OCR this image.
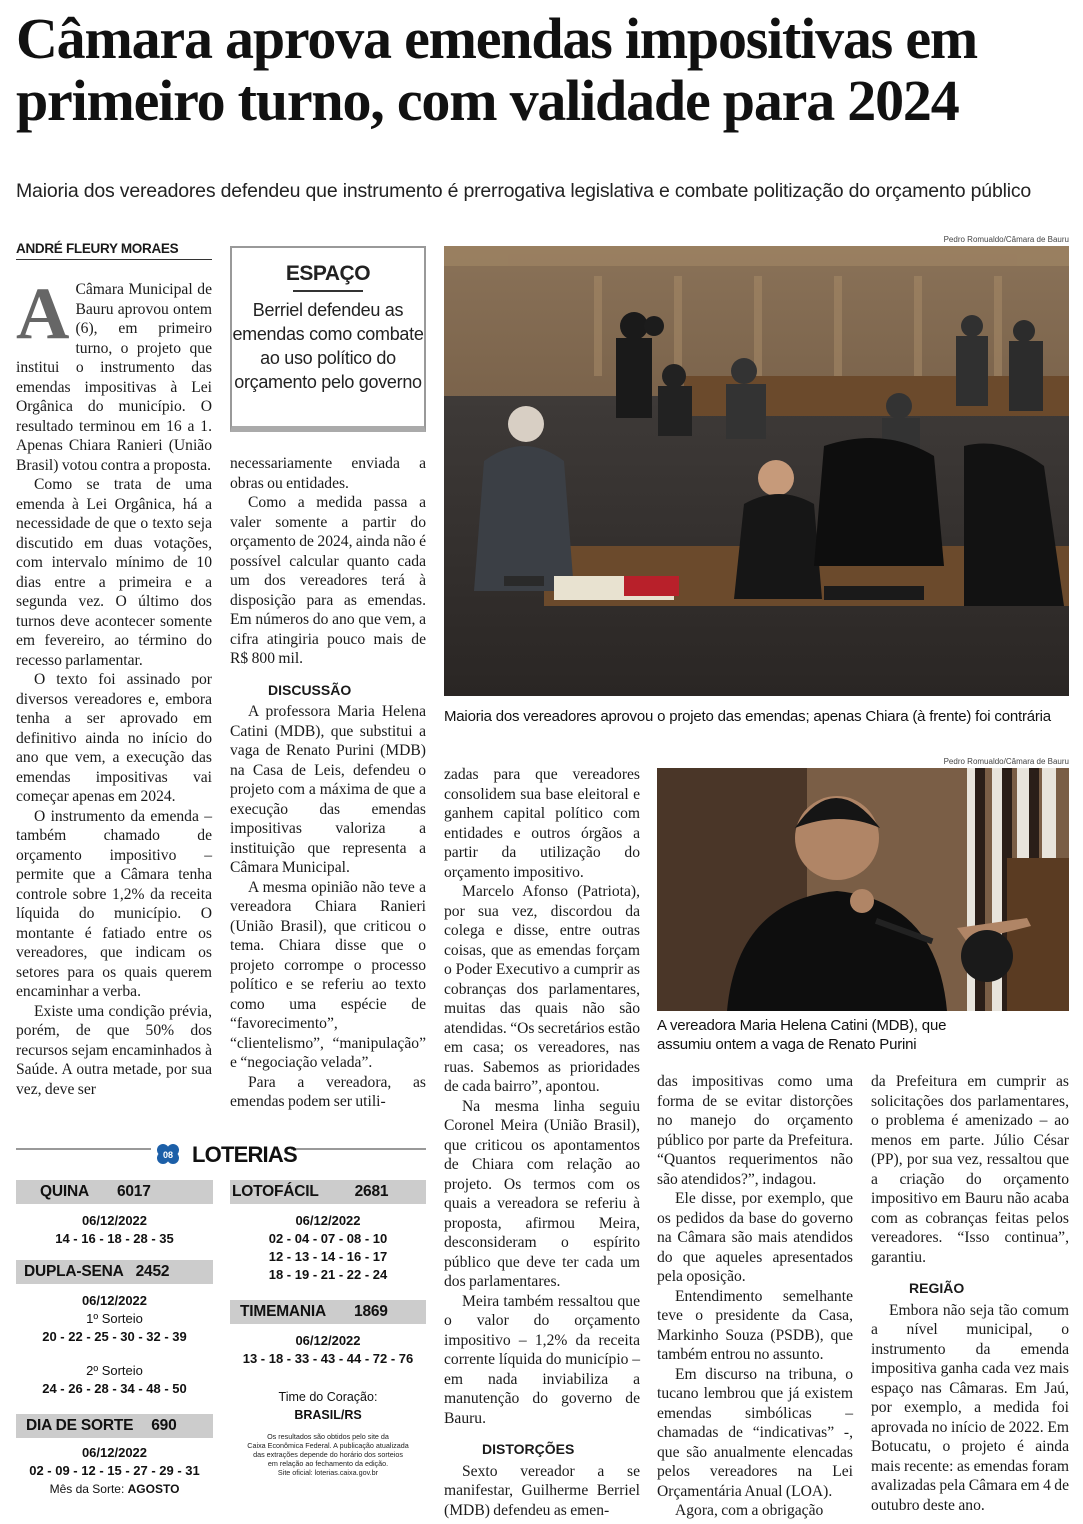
Câmara aprova emendas impositivas em primeiro turno, com validade para 2024
Maioria dos vereadores defendeu que instrumento é prerrogativa legislativa e combate politização do orçamento público
ANDRÉ FLEURY MORAES

A Câmara Municipal de Bauru aprovou ontem (6), em primeiro turno, o projeto que institui o instrumento das emendas impositivas à Lei Orgânica do município. O resultado terminou em 16 a 1. Apenas Chiara Ranieri (União Brasil) votou contra a proposta.

Como se trata de uma emenda à Lei Orgânica, há a necessidade de que o texto seja discutido em duas votações, com intervalo mínimo de 10 dias entre a primeira e a segunda vez. O último dos turnos deve acontecer somente em fevereiro, ao término do recesso parlamentar.

O texto foi assinado por diversos vereadores e, embora tenha a ser aprovado em definitivo ainda no início do ano que vem, a execução das emendas impositivas vai começar apenas em 2024.

O instrumento da emenda – também chamado de orçamento impositivo – permite que a Câmara tenha controle sobre 1,2% da receita líquida do município. O montante é fatiado entre os vereadores, que indicam os setores para os quais querem encaminhar a verba.

Existe uma condição prévia, porém, de que 50% dos recursos sejam encaminhados à Saúde. A outra metade, por sua vez, deve ser

ESPAÇO
Berriel defendeu as emendas como combate ao uso político do orçamento pelo governo

necessariamente enviada a obras ou entidades.

Como a medida passa a valer somente a partir do orçamento de 2024, ainda não é possível calcular quanto cada um dos vereadores terá à disposição para as emendas. Em números do ano que vem, a cifra atingiria pouco mais de R$ 800 mil.

DISCUSSÃO

A professora Maria Helena Catini (MDB), que substitui a vaga de Renato Purini (MDB) na Casa de Leis, defendeu o projeto com a máxima de que a execução das emendas impositivas valoriza a instituição que representa a Câmara Municipal.

A mesma opinião não teve a vereadora Chiara Ranieri (União Brasil), que criticou o tema. Chiara disse que o projeto corrompe o processo político e se referiu ao texto como uma espécie de “favorecimento”, “clientelismo”, “manipulação” e “negociação velada”.

Para a vereadora, as emendas podem ser utili-

Pedro Romualdo/Câmara de Bauru
Maioria dos vereadores aprovou o projeto das emendas; apenas Chiara (à frente) foi contrária
Pedro Romualdo/Câmara de Bauru
A vereadora Maria Helena Catini (MDB), que assumiu ontem a vaga de Renato Purini

zadas para que vereadores consolidem sua base eleitoral e ganhem capital político com entidades e outros órgãos a partir da utilização do orçamento impositivo.

Marcelo Afonso (Patriota), por sua vez, discordou da colega e disse, entre outras coisas, que as emendas forçam o Poder Executivo a cumprir as cobranças dos parlamentares, muitas das quais não são atendidas. “Os secretários estão em casa; os vereadores, nas ruas. Sabemos as prioridades de cada bairro”, apontou.

Na mesma linha seguiu Coronel Meira (União Brasil), que criticou os apontamentos de Chiara com relação ao projeto. Os termos com os quais a vereadora se referiu à proposta, afirmou Meira, desconsideram o espírito público que deve ter cada um dos parlamentares.

Meira também ressaltou que o valor do orçamento impositivo – 1,2% da receita corrente líquida do município – em nada inviabiliza a manutenção do governo de Bauru.

DISTORÇÕES

Sexto vereador a se manifestar, Guilherme Berriel (MDB) defendeu as emen-

das impositivas como uma forma de se evitar distorções no manejo do orçamento público por parte da Prefeitura. “Quantos requerimentos não são atendidos?”, indagou.

Ele disse, por exemplo, que os pedidos da base do governo na Câmara são mais atendidos do que aqueles apresentados pela oposição.

Entendimento semelhante teve o presidente da Casa, Markinho Souza (PSDB), que também entrou no assunto.

Em discurso na tribuna, o tucano lembrou que já existem emendas simbólicas – chamadas de “indicativas” -, que são anualmente elencadas pelos vereadores na Lei Orçamentária Anual (LOA).

Agora, com a obrigação

da Prefeitura em cumprir as solicitações dos parlamentares, o problema é amenizado – ao menos em parte. Júlio César (PP), por sua vez, ressaltou que a criação do orçamento impositivo em Bauru não acaba com as cobranças feitas pelos vereadores. “Isso continua”, garantiu.

REGIÃO

Embora não seja tão comum a nível municipal, o instrumento da emenda impositiva ganha cada vez mais espaço nas Câmaras. Em Jaú, por exemplo, a medida foi aprovada no início de 2022. Em Botucatu, o projeto é ainda mais recente: as emendas foram avalizadas pela Câmara em 4 de outubro deste ano.

08 LOTERIAS
QUINA 6017
06/12/2022
14 - 16 - 18 - 28 - 35
DUPLA-SENA 2452
06/12/2022
1º Sorteio
20 - 22 - 25 - 30 - 32 - 39
2º Sorteio
24 - 26 - 28 - 34 - 48 - 50
DIA DE SORTE 690
06/12/2022
02 - 09 - 12 - 15 - 27 - 29 - 31
Mês da Sorte: AGOSTO
LOTOFÁCIL 2681
06/12/2022
02 - 04 - 07 - 08 - 10
12 - 13 - 14 - 16 - 17
18 - 19 - 21 - 22 - 24
TIMEMANIA 1869
06/12/2022
13 - 18 - 33 - 43 - 44 - 72 - 76
Time do Coração:
BRASIL/RS
Os resultados são obtidos pelo site da
Caixa Econômica Federal. A publicação atualizada
das extrações depende do horário dos sorteios
em relação ao fechamento da edição.
Site oficial: loterias.caixa.gov.br
